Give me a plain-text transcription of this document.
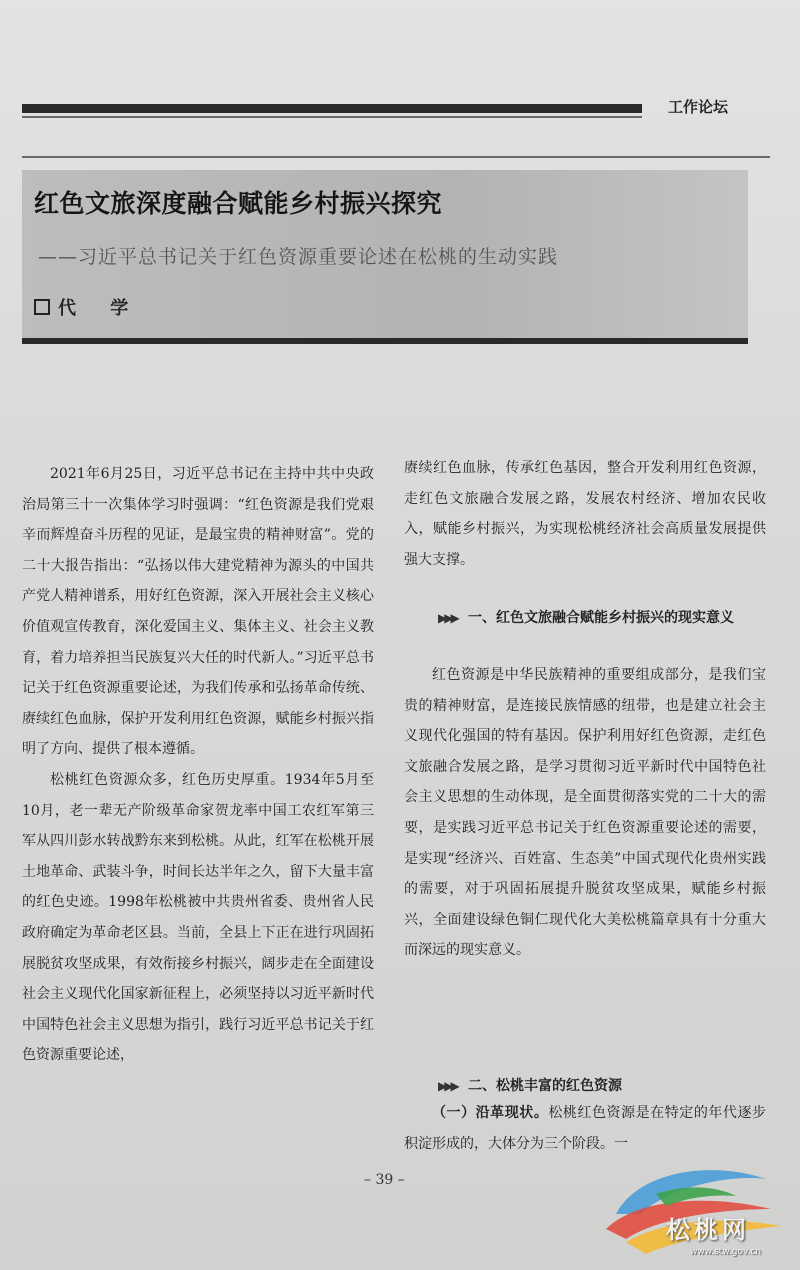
工作论坛
红色文旅深度融合赋能乡村振兴探究
——习近平总书记关于红色资源重要论述在松桃的生动实践
代 学

2021年6月25日，习近平总书记在主持中共中央政治局第三十一次集体学习时强调：“红色资源是我们党艰辛而辉煌奋斗历程的见证，是最宝贵的精神财富”。党的二十大报告指出：“弘扬以伟大建党精神为源头的中国共产党人精神谱系，用好红色资源，深入开展社会主义核心价值观宣传教育，深化爱国主义、集体主义、社会主义教育，着力培养担当民族复兴大任的时代新人。”习近平总书记关于红色资源重要论述，为我们传承和弘扬革命传统、赓续红色血脉，保护开发利用红色资源，赋能乡村振兴指明了方向、提供了根本遵循。

松桃红色资源众多，红色历史厚重。1934年5月至10月，老一辈无产阶级革命家贺龙率中国工农红军第三军从四川彭水转战黔东来到松桃。从此，红军在松桃开展土地革命、武装斗争，时间长达半年之久，留下大量丰富的红色史迹。1998年松桃被中共贵州省委、贵州省人民政府确定为革命老区县。当前，全县上下正在进行巩固拓展脱贫攻坚成果，有效衔接乡村振兴，阔步走在全面建设社会主义现代化国家新征程上，必须坚持以习近平新时代中国特色社会主义思想为指引，践行习近平总书记关于红色资源重要论述，

赓续红色血脉，传承红色基因，整合开发利用红色资源，走红色文旅融合发展之路，发展农村经济、增加农民收入，赋能乡村振兴，为实现松桃经济社会高质量发展提供强大支撑。

▶▶▶ 一、红色文旅融合赋能乡村振兴的现实意义

红色资源是中华民族精神的重要组成部分，是我们宝贵的精神财富，是连接民族情感的纽带，也是建立社会主义现代化强国的特有基因。保护利用好红色资源，走红色文旅融合发展之路，是学习贯彻习近平新时代中国特色社会主义思想的生动体现，是全面贯彻落实党的二十大的需要，是实践习近平总书记关于红色资源重要论述的需要，是实现“经济兴、百姓富、生态美”中国式现代化贵州实践的需要，对于巩固拓展提升脱贫攻坚成果，赋能乡村振兴，全面建设绿色铜仁现代化大美松桃篇章具有十分重大而深远的现实意义。

▶▶▶ 二、松桃丰富的红色资源

（一）沿革现状。松桃红色资源是在特定的年代逐步积淀形成的，大体分为三个阶段。一

– 39 –
松桃网
www.stw.gov.cn
